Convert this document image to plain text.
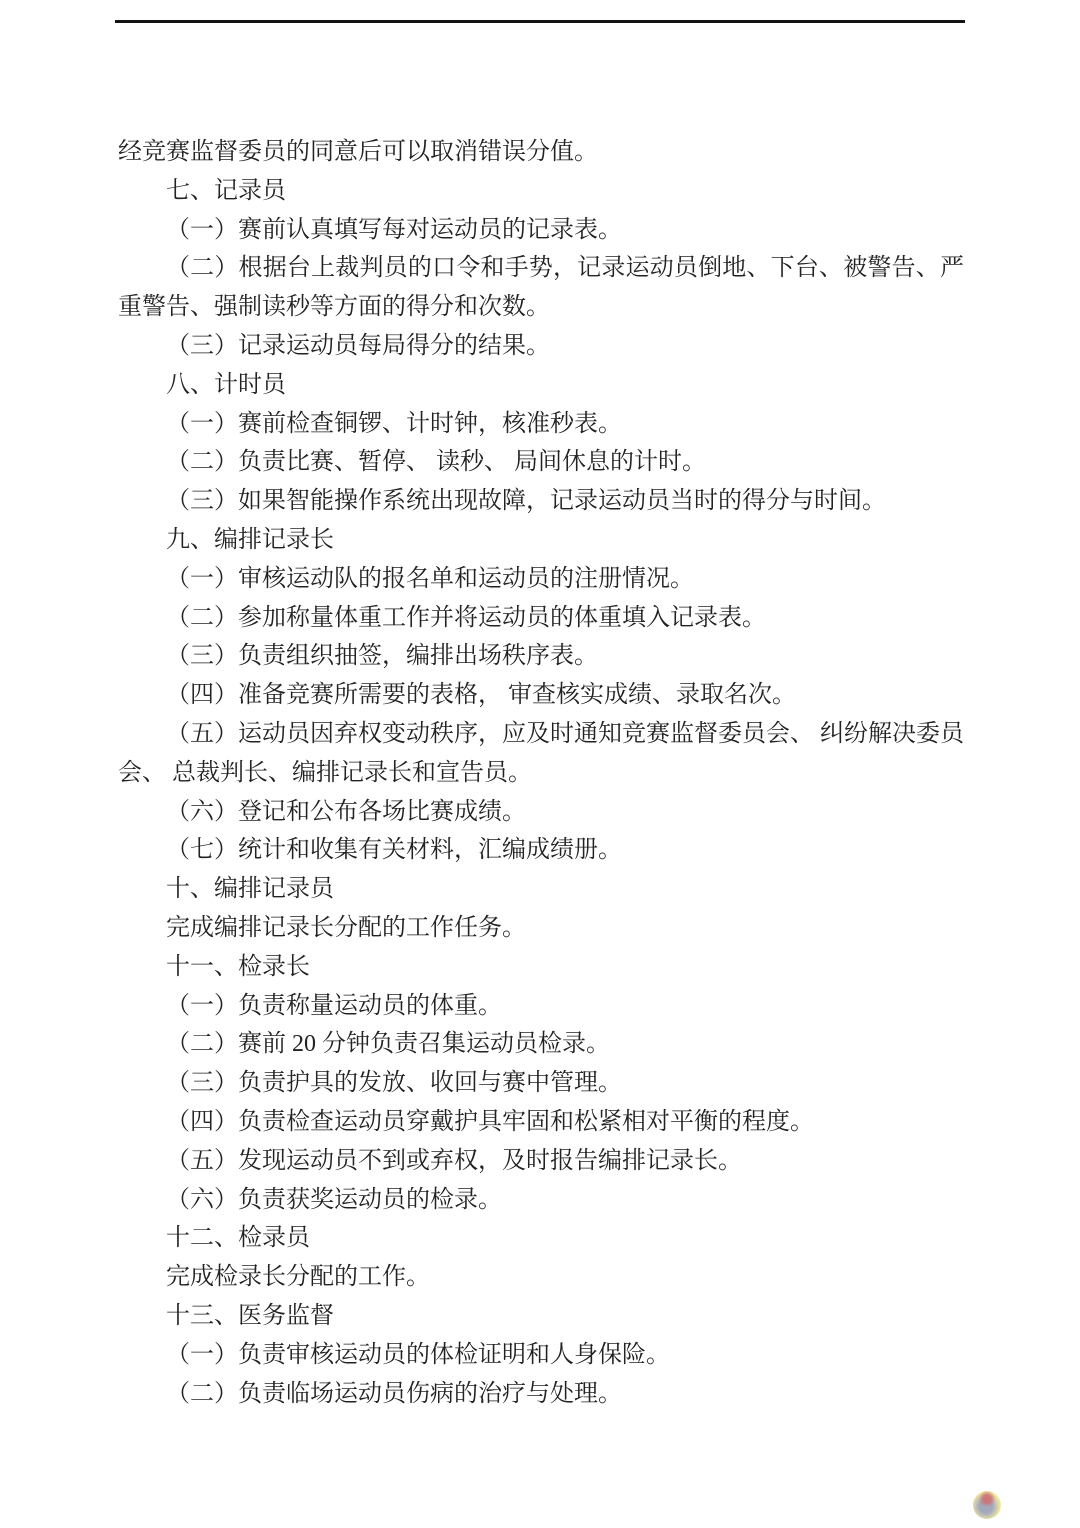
经竞赛监督委员的同意后可以取消错误分值。

七、记录员

（一）赛前认真填写每对运动员的记录表。

（二）根据台上裁判员的口令和手势，记录运动员倒地、下台、被警告、严重警告、强制读秒等方面的得分和次数。

（三）记录运动员每局得分的结果。

八、计时员

（一）赛前检查铜锣、计时钟，核准秒表。

（二）负责比赛、暂停、 读秒、 局间休息的计时。

（三）如果智能操作系统出现故障，记录运动员当时的得分与时间。

九、编排记录长

（一）审核运动队的报名单和运动员的注册情况。

（二）参加称量体重工作并将运动员的体重填入记录表。

（三）负责组织抽签，编排出场秩序表。

（四）准备竞赛所需要的表格， 审查核实成绩、录取名次。

（五）运动员因弃权变动秩序，应及时通知竞赛监督委员会、 纠纷解决委员会、 总裁判长、编排记录长和宣告员。

（六）登记和公布各场比赛成绩。

（七）统计和收集有关材料，汇编成绩册。

十、编排记录员

完成编排记录长分配的工作任务。

十一、检录长

（一）负责称量运动员的体重。

（二）赛前 20 分钟负责召集运动员检录。

（三）负责护具的发放、收回与赛中管理。

（四）负责检查运动员穿戴护具牢固和松紧相对平衡的程度。

（五）发现运动员不到或弃权，及时报告编排记录长。

（六）负责获奖运动员的检录。

十二、检录员

完成检录长分配的工作。

十三、医务监督

（一）负责审核运动员的体检证明和人身保险。

（二）负责临场运动员伤病的治疗与处理。
